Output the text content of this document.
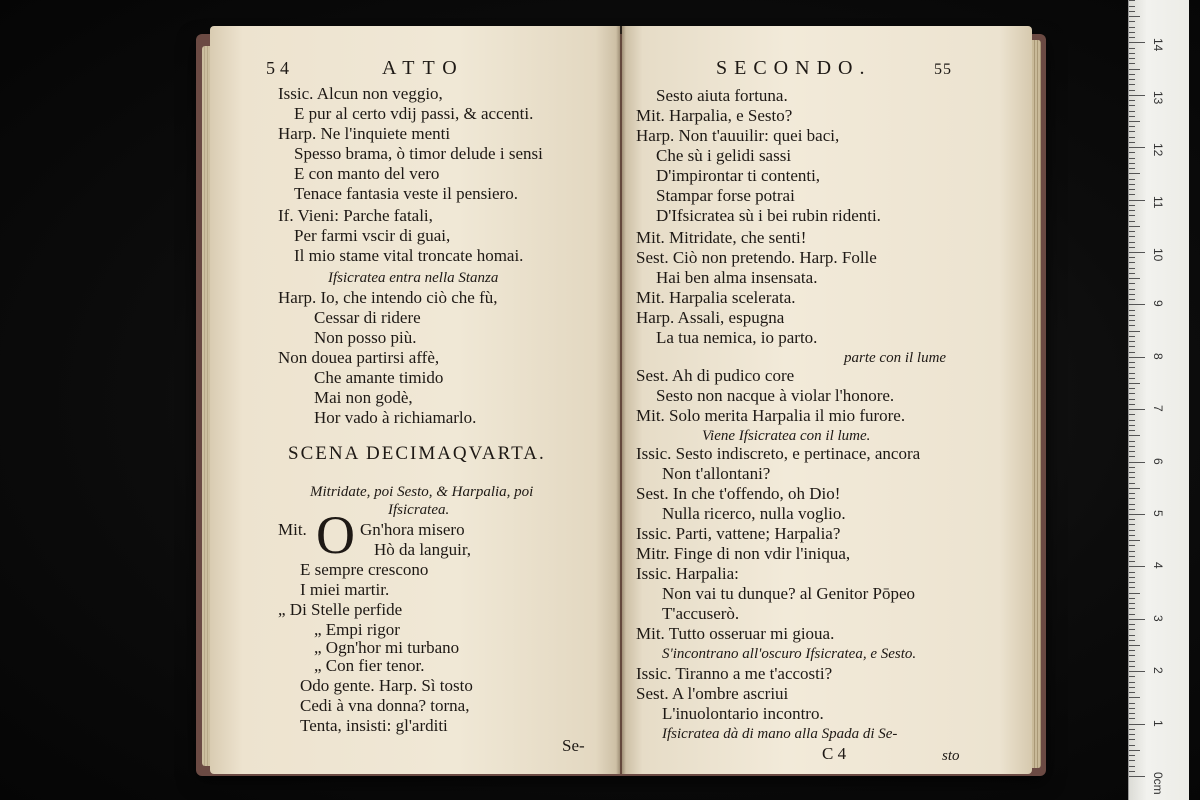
54	ATTO
Issic. Alcun non veggio,
E pur al certo vdij passi, & accenti.
Harp. Ne l'inquiete menti
Spesso brama, ò timor delude i sensi
E con manto del vero
Tenace fantasia veste il pensiero.
If. Vieni: Parche fatali,
Per farmi vscir di guai,
Il mio stame vital troncate homai.
Ifsicratea entra nella Stanza
Harp. Io, che intendo ciò che fù,
Cessar di ridere
Non posso più.
Non douea partirsi affè,
Che amante timido
Mai non godè,
Hor vado à richiamarlo.
SCENA DECIMAQVARTA.
Mitridate, poi Sesto, & Harpalia, poi
Ifsicratea.
Mit. O Gn'hora misero
Hò da languir,
E sempre crescono
I miei martir.
„ Di Stelle perfide
„ Empi rigor
„ Ogn'hor mi turbano
„ Con fier tenor.
Odo gente. Harp. Sì tosto
Cedi à vna donna? torna,
Tenta, insisti: gl'arditi
Se-
SECONDO.	55
Sesto aiuta fortuna.
Mit. Harpalia, e Sesto?
Harp. Non t'auuilir: quei baci,
Che sù i gelidi sassi
D'impirontar ti contenti,
Stampar forse potrai
D'Ifsicratea sù i bei rubin ridenti.
Mit. Mitridate, che senti!
Sest. Ciò non pretendo. Harp. Folle
Hai ben alma insensata.
Mit. Harpalia scelerata.
Harp. Assali, espugna
La tua nemica, io parto.
parte con il lume
Sest. Ah di pudico core
Sesto non nacque à violar l'honore.
Mit. Solo merita Harpalia il mio furore.
Viene Ifsicratea con il lume.
Issic. Sesto indiscreto, e pertinace, ancora
Non t'allontani?
Sest. In che t'offendo, oh Dio!
Nulla ricerco, nulla voglio.
Issic. Parti, vattene; Harpalia?
Mitr. Finge di non vdir l'iniqua,
Issic. Harpalia:
Non vai tu dunque? al Genitor Pōpeo
T'accuserò.
Mit. Tutto osseruar mi gioua.
S'incontrano all'oscuro Ifsicratea, e Sesto.
Issic. Tiranno a me t'accosti?
Sest. A l'ombre ascriui
L'inuolontario incontro.
Ifsicratea dà di mano alla Spada di Se-
C 4	sto
0cm
1
2
3
4
5
6
7
8
9
10
11
12
13
14
